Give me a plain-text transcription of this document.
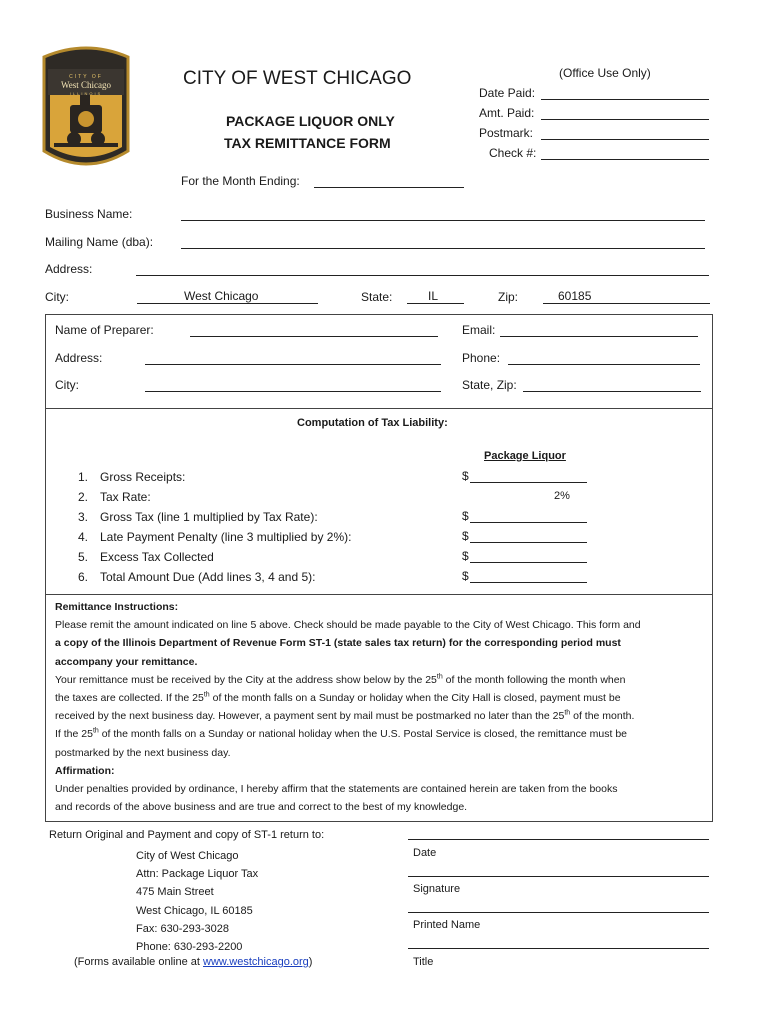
CITY OF
West Chicago
ILLINOIS
CITY OF WEST CHICAGO
PACKAGE LIQUOR ONLY
TAX REMITTANCE FORM
(Office Use Only)
Date Paid:
Amt. Paid:
Postmark:
Check #:
For the Month Ending:
Business Name:
Mailing Name (dba):
Address:
City:	West Chicago	State:	IL	Zip:	60185
Name of Preparer:	Email:
Address:	Phone:
City:	State, Zip:
Computation of Tax Liability:
Package Liquor
1. Gross Receipts:	$
2. Tax Rate:	2%
3. Gross Tax (line 1 multiplied by Tax Rate):	$
4. Late Payment Penalty (line 3 multiplied by 2%):	$
5. Excess Tax Collected	$
6. Total Amount Due (Add lines 3, 4 and 5):	$

Remittance Instructions:

Please remit the amount indicated on line 5 above. Check should be made payable to the City of West Chicago. This form and

a copy of the Illinois Department of Revenue Form ST-1 (state sales tax return) for the corresponding period must

accompany your remittance.

Your remittance must be received by the City at the address show below by the 25th of the month following the month when

the taxes are collected. If the 25th of the month falls on a Sunday or holiday when the City Hall is closed, payment must be

received by the next business day. However, a payment sent by mail must be postmarked no later than the 25th of the month.

If the 25th of the month falls on a Sunday or national holiday when the U.S. Postal Service is closed, the remittance must be

postmarked by the next business day.

Affirmation:

Under penalties provided by ordinance, I hereby affirm that the statements are contained herein are taken from the books

and records of the above business and are true and correct to the best of my knowledge.

Return Original and Payment and copy of ST-1 return to:
City of West Chicago
Attn: Package Liquor Tax
475 Main Street
West Chicago, IL 60185
Fax: 630-293-3028
Phone: 630-293-2200
(Forms available online at www.westchicago.org)
Date
Signature
Printed Name
Title
